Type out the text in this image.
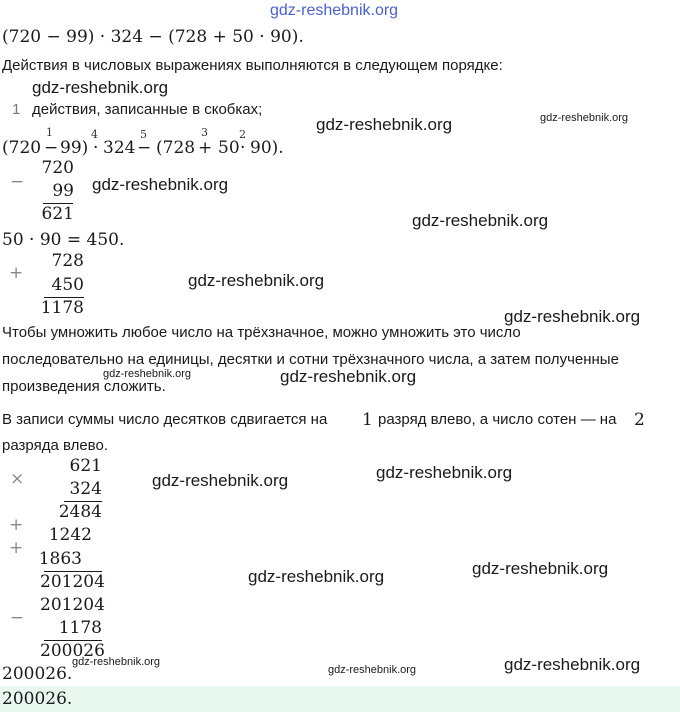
gdz-reshebnik.org
(720 − 99) · 324 − (728 + 50 · 90).
Действия в числовых выражениях выполняются в следующем порядке:
gdz-reshebnik.org
1 действия, записанные в скобках;
gdz-reshebnik.org	gdz-reshebnik.org
(720 − 99) · 324 − (728 + 50 · 90).
1	4	5	3	2
−
720
99
621
gdz-reshebnik.org
gdz-reshebnik.org
50 · 90 = 450.
+
728
450
1178
gdz-reshebnik.org
gdz-reshebnik.org
Чтобы умножить любое число на трёхзначное, можно умножить это число
последовательно на единицы, десятки и сотни трёхзначного числа, а затем полученные
произведения сложить.
gdz-reshebnik.org	gdz-reshebnik.org
В записи суммы число десятков сдвигается на 1 разряд влево, а число сотен — на 2
разряда влево.
×
621
324
2484
+
+
1242
1863
201204
gdz-reshebnik.org	gdz-reshebnik.org
gdz-reshebnik.org	gdz-reshebnik.org
−
201204
1178
200026
200026.
gdz-reshebnik.org
gdz-reshebnik.org	gdz-reshebnik.org
200026.
